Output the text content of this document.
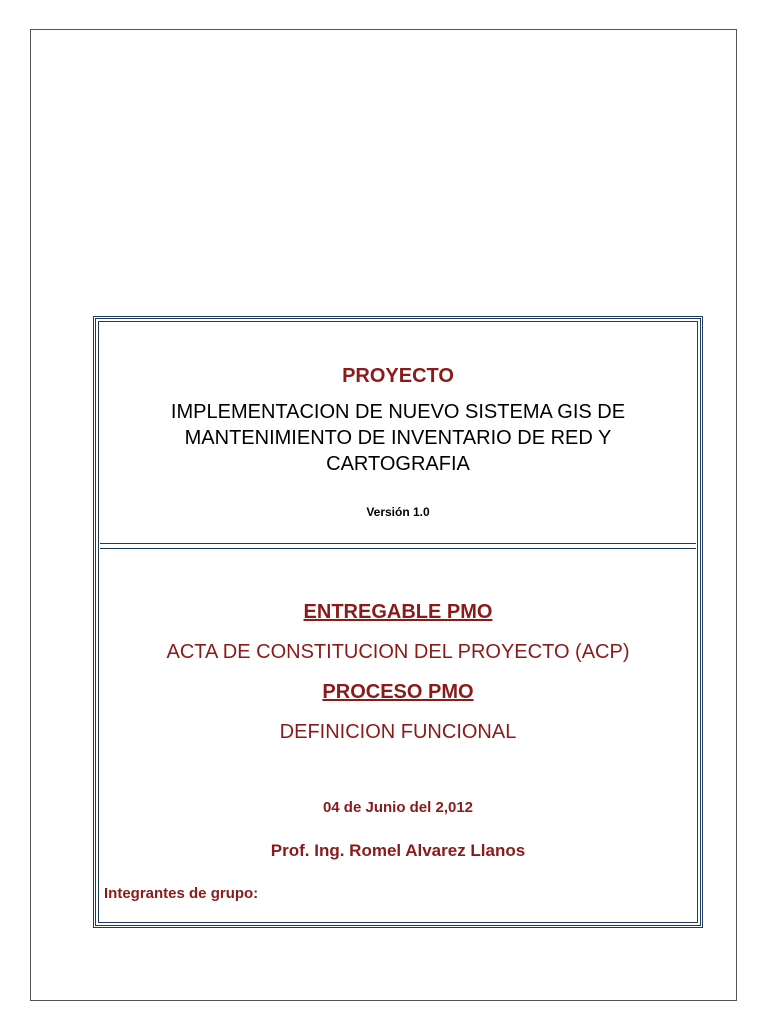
PROYECTO

IMPLEMENTACION DE NUEVO SISTEMA GIS DE

MANTENIMIENTO DE INVENTARIO DE RED Y

CARTOGRAFIA

Versión 1.0

ENTREGABLE PMO

ACTA DE CONSTITUCION DEL PROYECTO (ACP)

PROCESO PMO

DEFINICION FUNCIONAL

04 de Junio del 2,012

Prof. Ing. Romel Alvarez Llanos

Integrantes de grupo:
